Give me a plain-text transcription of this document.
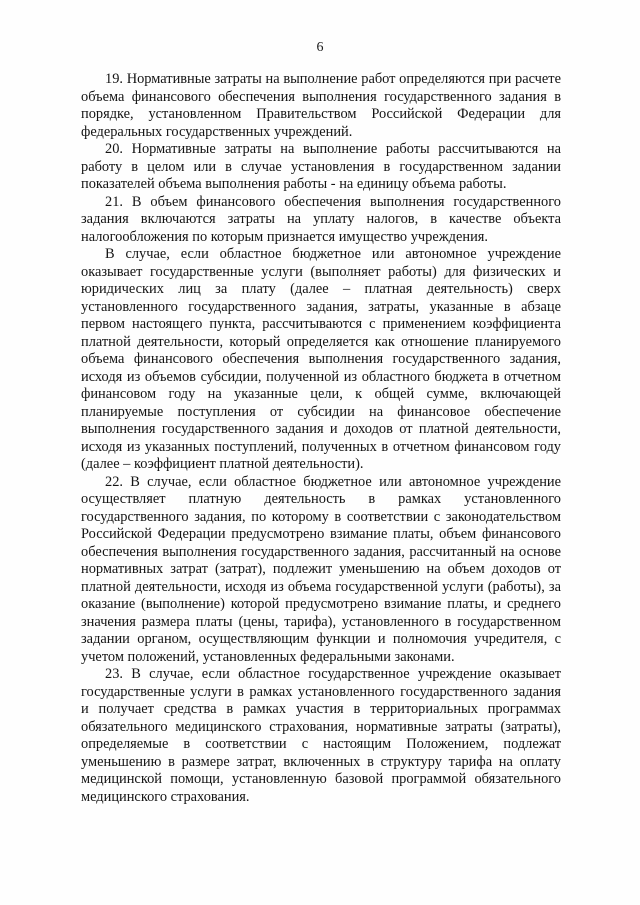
6

19. Нормативные затраты на выполнение работ определяются при расчете объема финансового обеспечения выполнения государственного задания в порядке, установленном Правительством Российской Федерации для федеральных государственных учреждений.

20. Нормативные затраты на выполнение работы рассчитываются на работу в целом или в случае установления в государственном задании показателей объема выполнения работы - на единицу объема работы.

21. В объем финансового обеспечения выполнения государственного задания включаются затраты на уплату налогов, в качестве объекта налогообложения по которым признается имущество учреждения.

В случае, если областное бюджетное или автономное учреждение оказывает государственные услуги (выполняет работы) для физических и юридических лиц за плату (далее – платная деятельность) сверх установленного государственного задания, затраты, указанные в абзаце первом настоящего пункта, рассчитываются с применением коэффициента платной деятельности, который определяется как отношение планируемого объема финансового обеспечения выполнения государственного задания, исходя из объемов субсидии, полученной из областного бюджета в отчетном финансовом году на указанные цели, к общей сумме, включающей планируемые поступления от субсидии на финансовое обеспечение выполнения государственного задания и доходов от платной деятельности, исходя из указанных поступлений, полученных в отчетном финансовом году (далее – коэффициент платной деятельности).

22. В случае, если областное бюджетное или автономное учреждение осуществляет платную деятельность в рамках установленного государственного задания, по которому в соответствии с законодательством Российской Федерации предусмотрено взимание платы, объем финансового обеспечения выполнения государственного задания, рассчитанный на основе нормативных затрат (затрат), подлежит уменьшению на объем доходов от платной деятельности, исходя из объема государственной услуги (работы), за оказание (выполнение) которой предусмотрено взимание платы, и среднего значения размера платы (цены, тарифа), установленного в государственном задании органом, осуществляющим функции и полномочия учредителя, с учетом положений, установленных федеральными законами.

23. В случае, если областное государственное учреждение оказывает государственные услуги в рамках установленного государственного задания и получает средства в рамках участия в территориальных программах обязательного медицинского страхования, нормативные затраты (затраты), определяемые в соответствии с настоящим Положением, подлежат уменьшению в размере затрат, включенных в структуру тарифа на оплату медицинской помощи, установленную базовой программой обязательного медицинского страхования.
